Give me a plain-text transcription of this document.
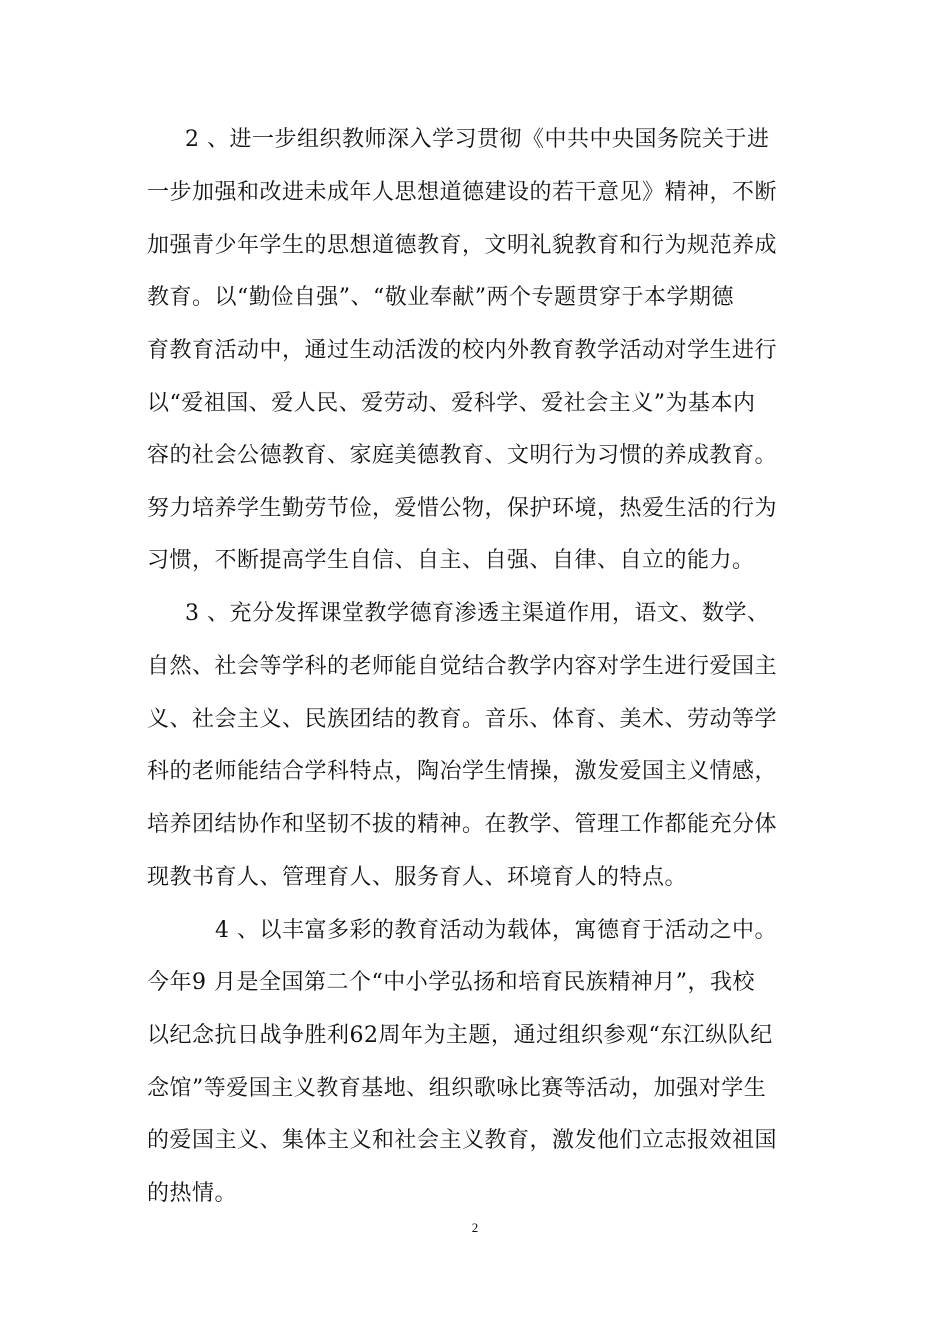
2 、进一步组织教师深入学习贯彻《中共中央国务院关于进
一步加强和改进未成年人思想道德建设的若干意见》精神，不断
加强青少年学生的思想道德教育，文明礼貌教育和行为规范养成
教育。以“勤俭自强”、“敬业奉献”两个专题贯穿于本学期德
育教育活动中，通过生动活泼的校内外教育教学活动对学生进行
以“爱祖国、爱人民、爱劳动、爱科学、爱社会主义”为基本内
容的社会公德教育、家庭美德教育、文明行为习惯的养成教育。
努力培养学生勤劳节俭，爱惜公物，保护环境，热爱生活的行为
习惯，不断提高学生自信、自主、自强、自律、自立的能力。
3 、充分发挥课堂教学德育渗透主渠道作用，语文、数学、
自然、社会等学科的老师能自觉结合教学内容对学生进行爱国主
义、社会主义、民族团结的教育。音乐、体育、美术、劳动等学
科的老师能结合学科特点，陶冶学生情操，激发爱国主义情感，
培养团结协作和坚韧不拔的精神。在教学、管理工作都能充分体
现教书育人、管理育人、服务育人、环境育人的特点。
4 、以丰富多彩的教育活动为载体，寓德育于活动之中。
今年9 月是全国第二个“中小学弘扬和培育民族精神月”，我校
以纪念抗日战争胜利62周年为主题，通过组织参观“东江纵队纪
念馆”等爱国主义教育基地、组织歌咏比赛等活动，加强对学生
的爱国主义、集体主义和社会主义教育，激发他们立志报效祖国
的热情。
2
